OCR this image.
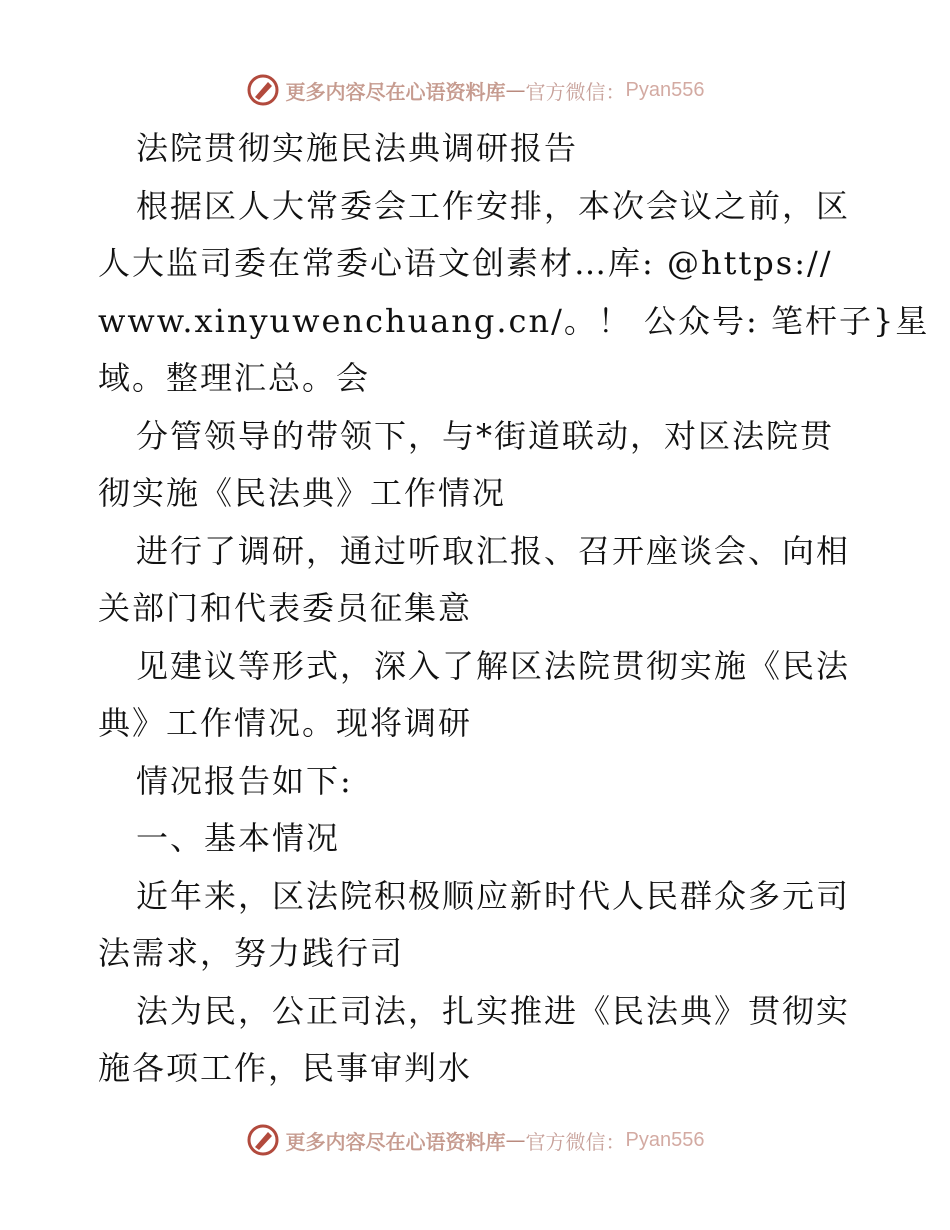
更多内容尽在心语资料库 — 官方微信： Pyan556
法院贯彻实施民法典调研报告
根据区人大常委会工作安排，本次会议之前，区
人大监司委在常委心语文创素材…库: @https://
www.xinyuwenchuang.cn/。！ 公众号: 笔杆子}星
域。整理汇总。会
分管领导的带领下，与*街道联动，对区法院贯
彻实施《民法典》工作情况
进行了调研，通过听取汇报、召开座谈会、向相
关部门和代表委员征集意
见建议等形式，深入了解区法院贯彻实施《民法
典》工作情况。现将调研
情况报告如下:
一、基本情况
近年来，区法院积极顺应新时代人民群众多元司
法需求，努力践行司
法为民，公正司法，扎实推进《民法典》贯彻实
施各项工作，民事审判水
更多内容尽在心语资料库 — 官方微信： Pyan556
